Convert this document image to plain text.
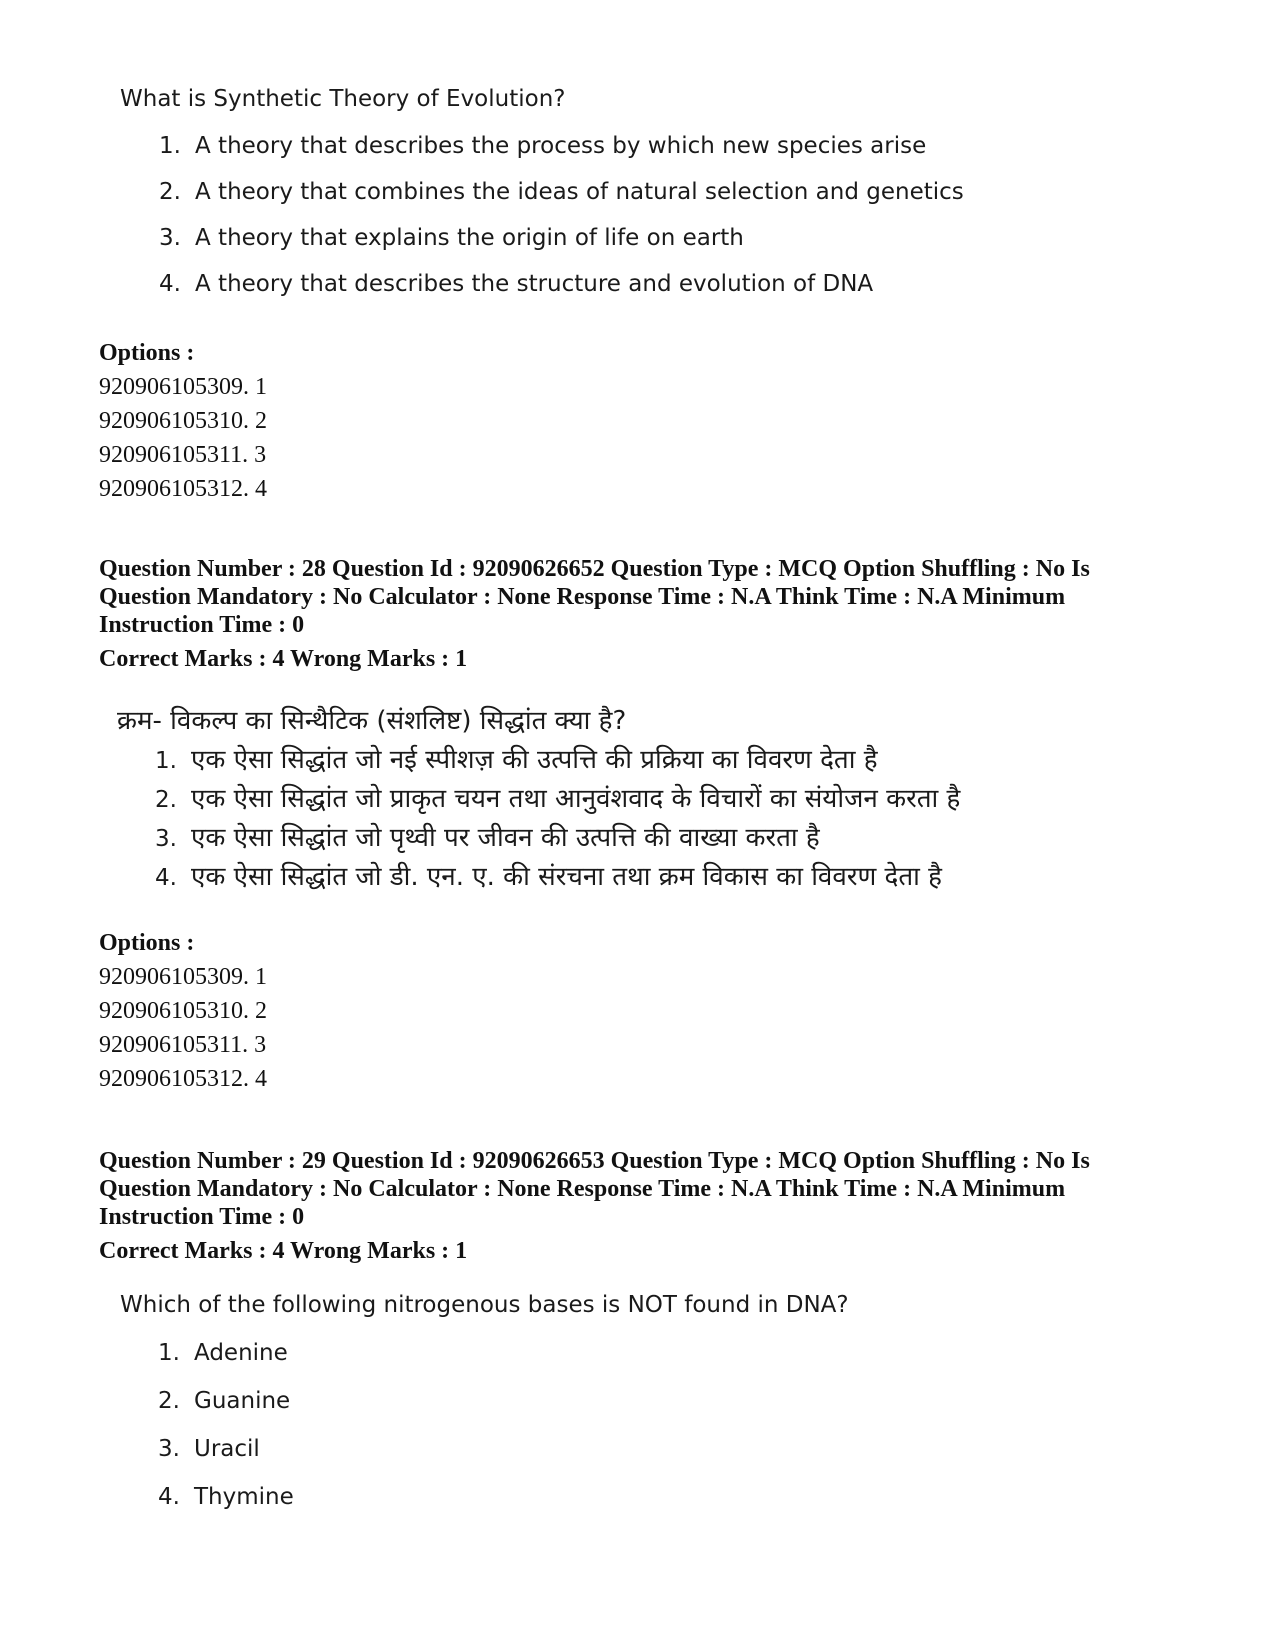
What is Synthetic Theory of Evolution?
1. A theory that describes the process by which new species arise
2. A theory that combines the ideas of natural selection and genetics
3. A theory that explains the origin of life on earth
4. A theory that describes the structure and evolution of DNA
Options :
920906105309. 1
920906105310. 2
920906105311. 3
920906105312. 4
Question Number : 28 Question Id : 92090626652 Question Type : MCQ Option Shuffling : No Is
Question Mandatory : No Calculator : None Response Time : N.A Think Time : N.A Minimum
Instruction Time : 0
Correct Marks : 4 Wrong Marks : 1
क्रम- विकल्प का सिन्थैटिक (संशलिष्ट) सिद्धांत क्या है?
1. एक ऐसा सिद्धांत जो नई स्पीशज़ की उत्पत्ति की प्रक्रिया का विवरण देता है
2. एक ऐसा सिद्धांत जो प्राकृत चयन तथा आनुवंशवाद के विचारों का संयोजन करता है
3. एक ऐसा सिद्धांत जो पृथ्वी पर जीवन की उत्पत्ति की वाख्या करता है
4. एक ऐसा सिद्धांत जो डी. एन. ए. की संरचना तथा क्रम विकास का विवरण देता है
Options :
920906105309. 1
920906105310. 2
920906105311. 3
920906105312. 4
Question Number : 29 Question Id : 92090626653 Question Type : MCQ Option Shuffling : No Is
Question Mandatory : No Calculator : None Response Time : N.A Think Time : N.A Minimum
Instruction Time : 0
Correct Marks : 4 Wrong Marks : 1
Which of the following nitrogenous bases is NOT found in DNA?
1. Adenine
2. Guanine
3. Uracil
4. Thymine
